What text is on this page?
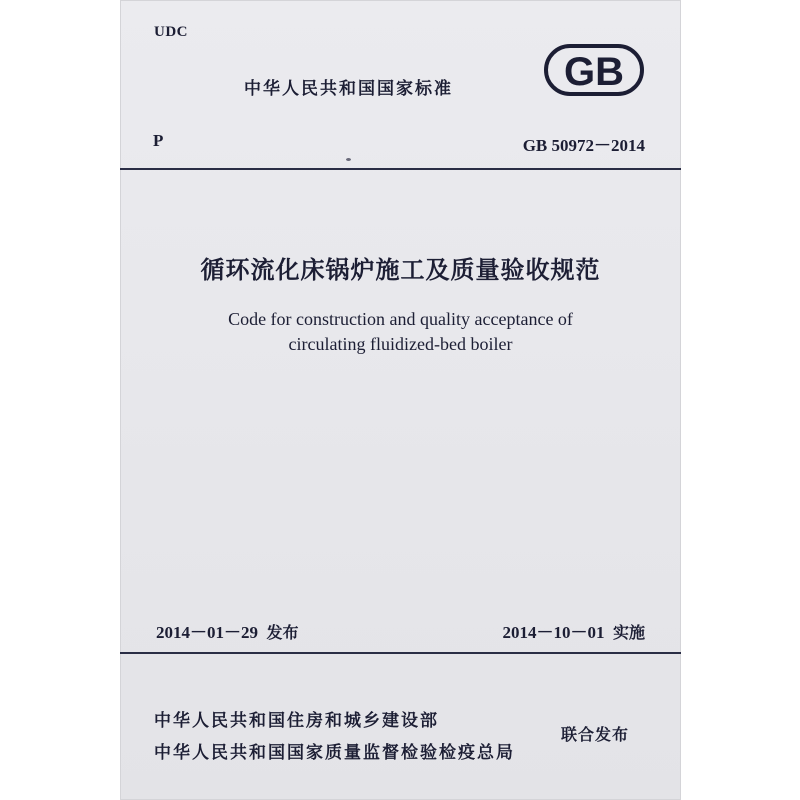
UDC
中华人民共和国国家标准	GB
P	GB 50972－2014
循环流化床锅炉施工及质量验收规范
Code for construction and quality acceptance of
circulating fluidized-bed boiler
2014－01－29 发布	2014－10－01 实施
中华人民共和国住房和城乡建设部
中华人民共和国国家质量监督检验检疫总局
联合发布
